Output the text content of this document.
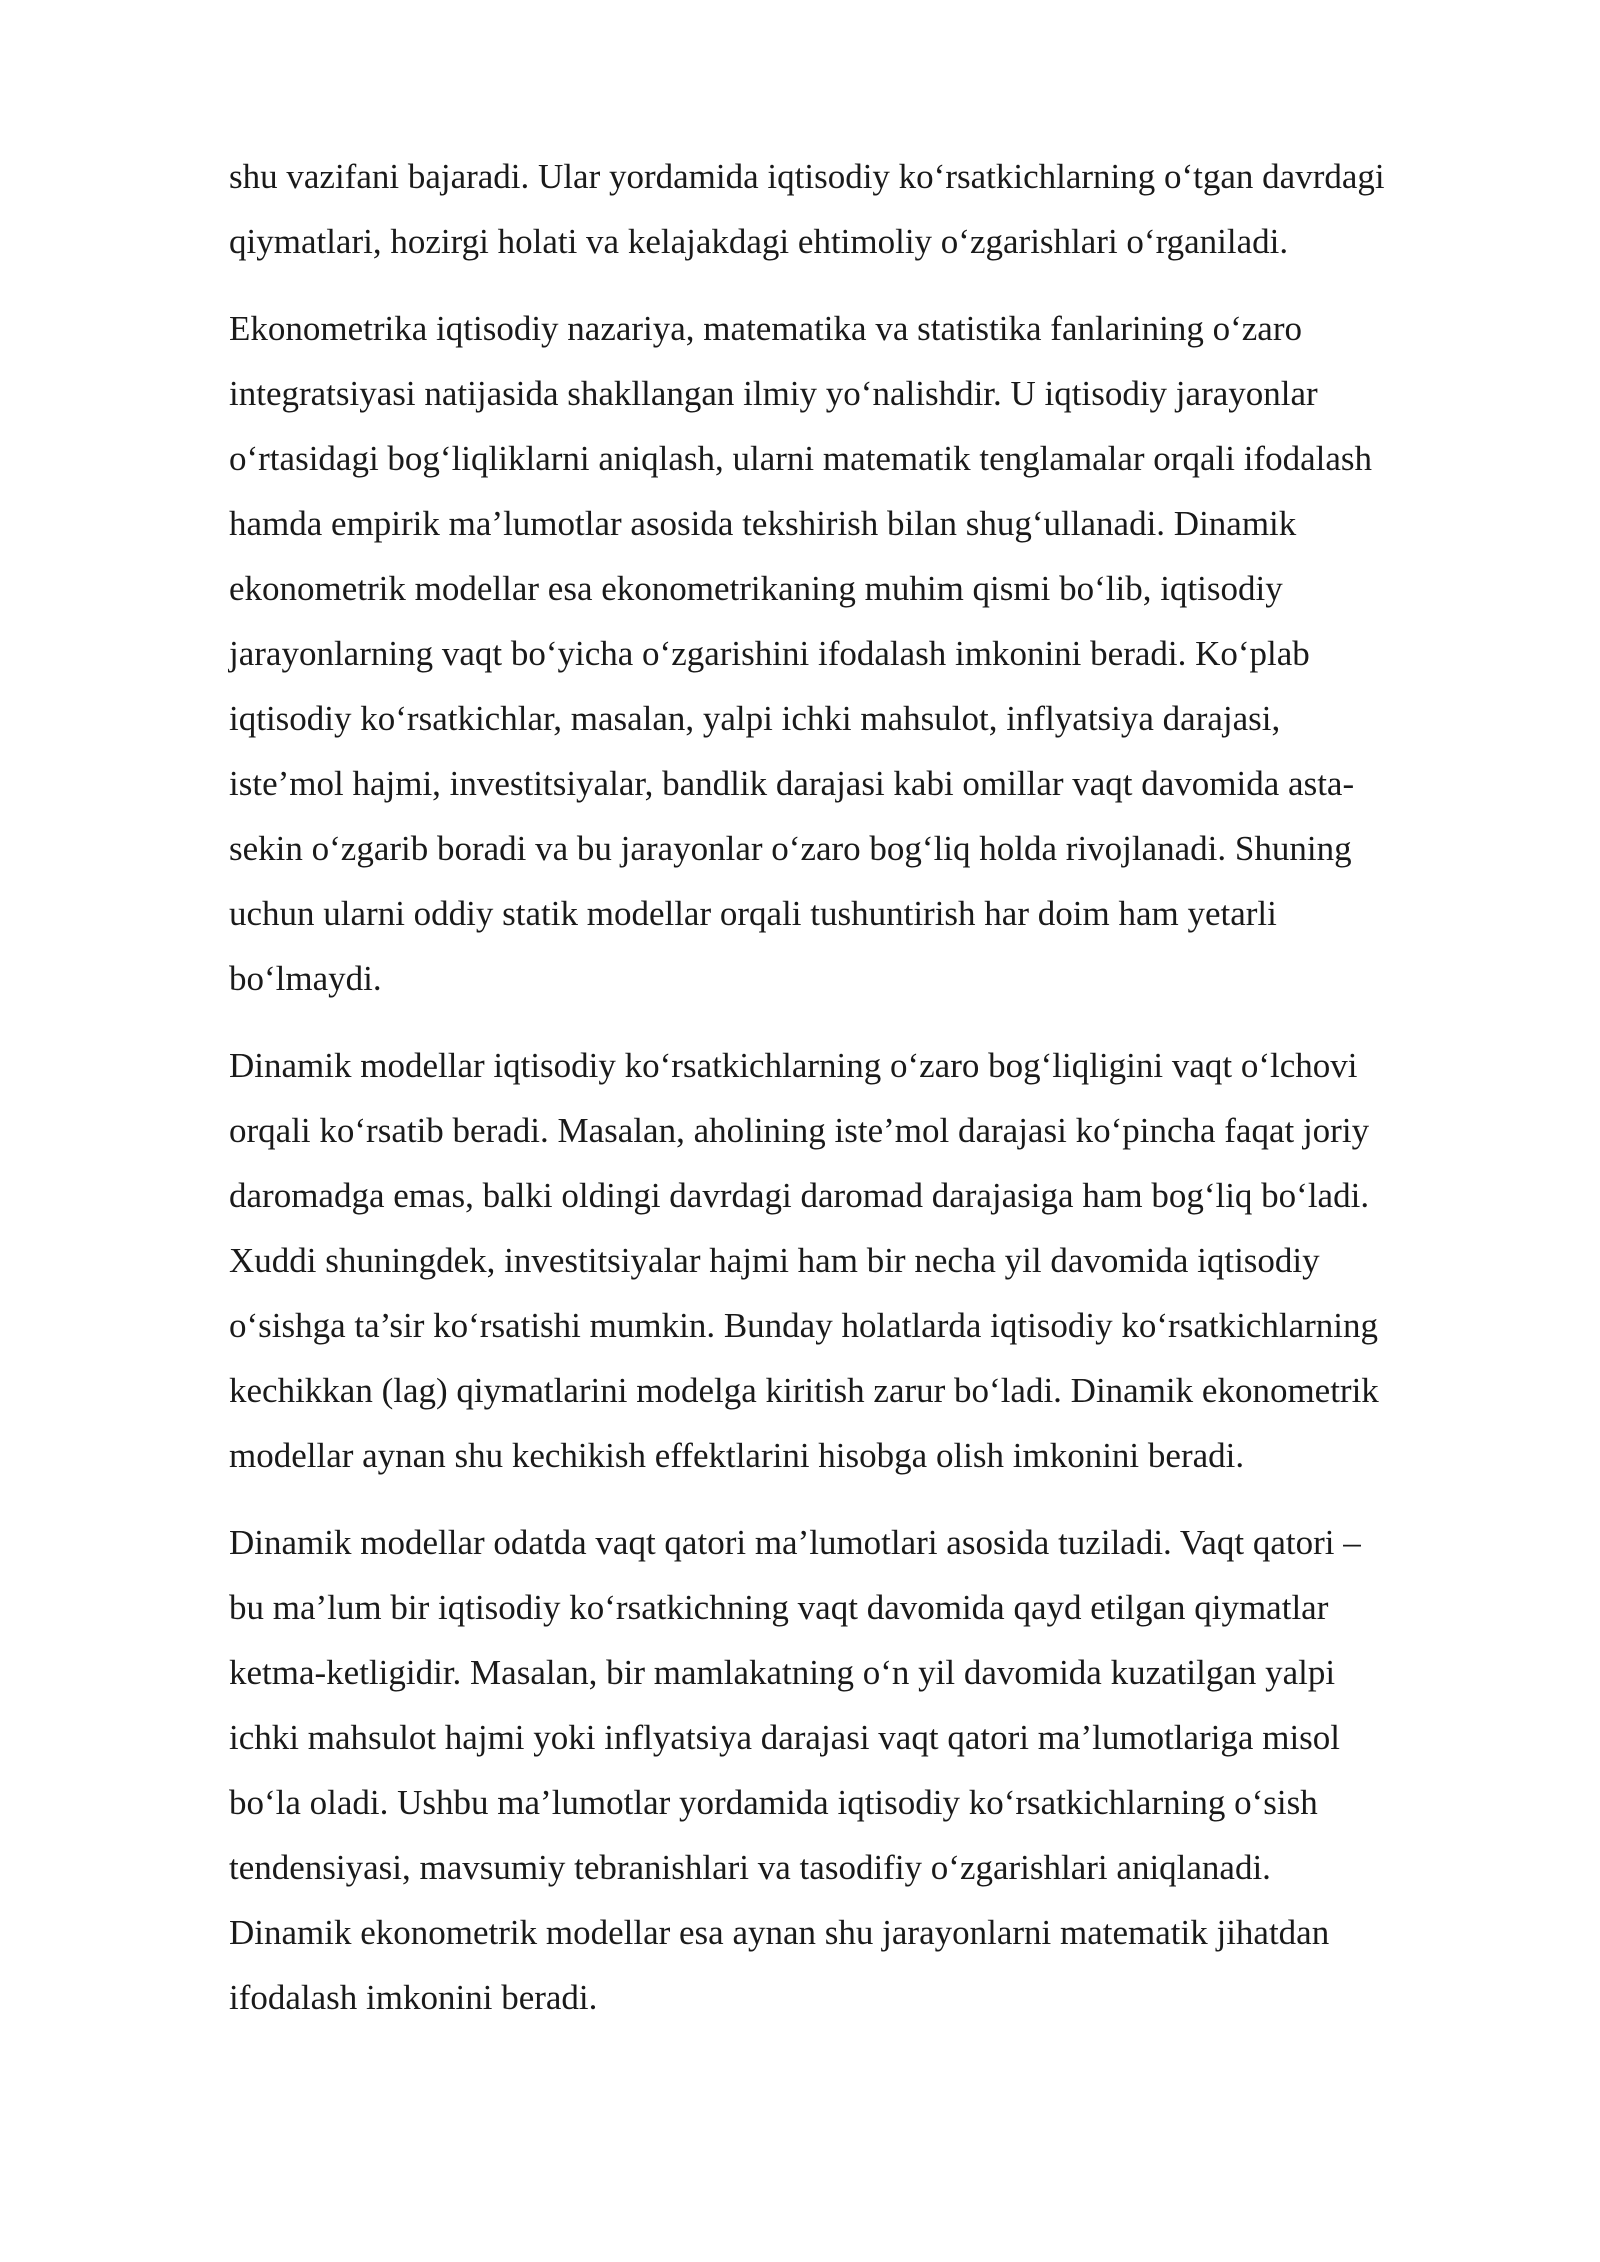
shu vazifani bajaradi. Ular yordamida iqtisodiy ko‘rsatkichlarning o‘tgan davrdagi
qiymatlari, hozirgi holati va kelajakdagi ehtimoliy o‘zgarishlari o‘rganiladi.

Ekonometrika iqtisodiy nazariya, matematika va statistika fanlarining o‘zaro
integratsiyasi natijasida shakllangan ilmiy yo‘nalishdir. U iqtisodiy jarayonlar
o‘rtasidagi bog‘liqliklarni aniqlash, ularni matematik tenglamalar orqali ifodalash
hamda empirik ma’lumotlar asosida tekshirish bilan shug‘ullanadi. Dinamik
ekonometrik modellar esa ekonometrikaning muhim qismi bo‘lib, iqtisodiy
jarayonlarning vaqt bo‘yicha o‘zgarishini ifodalash imkonini beradi. Ko‘plab
iqtisodiy ko‘rsatkichlar, masalan, yalpi ichki mahsulot, inflyatsiya darajasi,
iste’mol hajmi, investitsiyalar, bandlik darajasi kabi omillar vaqt davomida asta-
sekin o‘zgarib boradi va bu jarayonlar o‘zaro bog‘liq holda rivojlanadi. Shuning
uchun ularni oddiy statik modellar orqali tushuntirish har doim ham yetarli
bo‘lmaydi.

Dinamik modellar iqtisodiy ko‘rsatkichlarning o‘zaro bog‘liqligini vaqt o‘lchovi
orqali ko‘rsatib beradi. Masalan, aholining iste’mol darajasi ko‘pincha faqat joriy
daromadga emas, balki oldingi davrdagi daromad darajasiga ham bog‘liq bo‘ladi.
Xuddi shuningdek, investitsiyalar hajmi ham bir necha yil davomida iqtisodiy
o‘sishga ta’sir ko‘rsatishi mumkin. Bunday holatlarda iqtisodiy ko‘rsatkichlarning
kechikkan (lag) qiymatlarini modelga kiritish zarur bo‘ladi. Dinamik ekonometrik
modellar aynan shu kechikish effektlarini hisobga olish imkonini beradi.

Dinamik modellar odatda vaqt qatori ma’lumotlari asosida tuziladi. Vaqt qatori –
bu ma’lum bir iqtisodiy ko‘rsatkichning vaqt davomida qayd etilgan qiymatlar
ketma-ketligidir. Masalan, bir mamlakatning o‘n yil davomida kuzatilgan yalpi
ichki mahsulot hajmi yoki inflyatsiya darajasi vaqt qatori ma’lumotlariga misol
bo‘la oladi. Ushbu ma’lumotlar yordamida iqtisodiy ko‘rsatkichlarning o‘sish
tendensiyasi, mavsumiy tebranishlari va tasodifiy o‘zgarishlari aniqlanadi.
Dinamik ekonometrik modellar esa aynan shu jarayonlarni matematik jihatdan
ifodalash imkonini beradi.
